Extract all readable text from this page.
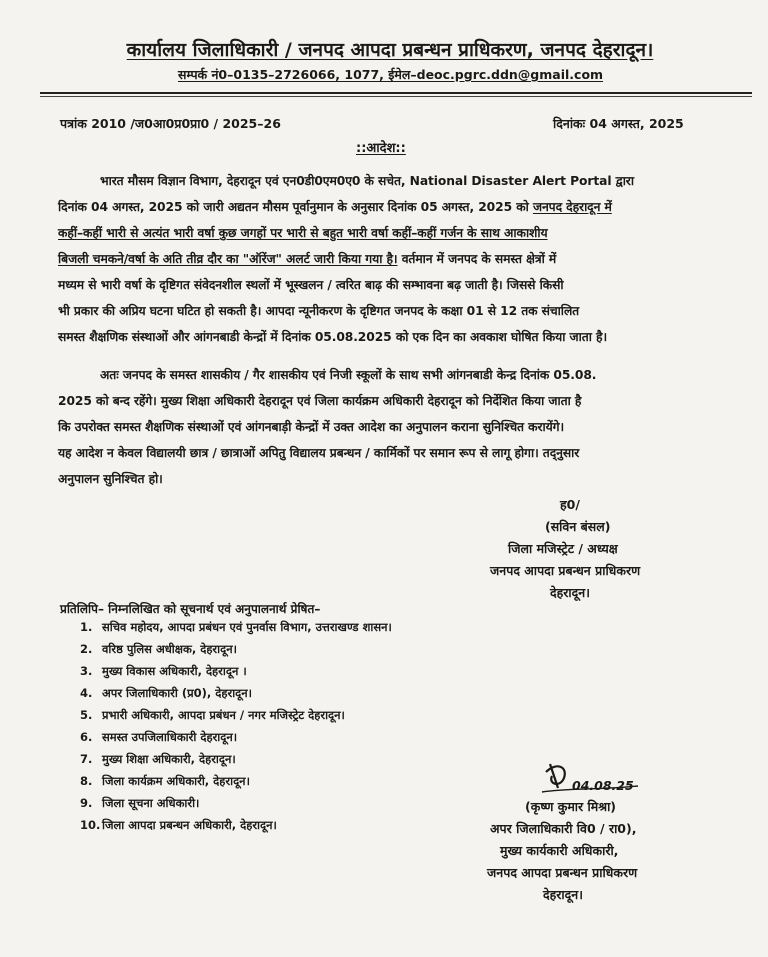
कार्यालय जिलाधिकारी / जनपद आपदा प्रबन्धन प्राधिकरण, जनपद देहरादून।
सम्पर्क नं0–0135–2726066, 1077, ईमेल–deoc.pgrc.ddn@gmail.com
पत्रांक 2010 /ज0आ0प्र0प्रा0 / 2025–26	दिनांकः 04 अगस्त, 2025
::आदेश::
भारत मौसम विज्ञान विभाग, देहरादून एवं एन0डी0एम0ए0 के सचेत, National Disaster Alert Portal द्वारा
दिनांक 04 अगस्त, 2025 को जारी अद्यतन मौसम पूर्वानुमान के अनुसार दिनांक 05 अगस्त, 2025 को जनपद देहरादून में
कहीं–कहीं भारी से अत्यंत भारी वर्षा कुछ जगहों पर भारी से बहुत भारी वर्षा कहीं–कहीं गर्जन के साथ आकाशीय
बिजली चमकने/वर्षा के अति तीव्र दौर का "ऑरेंज" अलर्ट जारी किया गया है। वर्तमान में जनपद के समस्त क्षेत्रों में
मध्यम से भारी वर्षा के दृष्टिगत संवेदनशील स्थलों में भूस्खलन / त्वरित बाढ़ की सम्भावना बढ़ जाती है। जिससे किसी
भी प्रकार की अप्रिय घटना घटित हो सकती है। आपदा न्यूनीकरण के दृष्टिगत जनपद के कक्षा 01 से 12 तक संचालित
समस्त शैक्षणिक संस्थाओं और आंगनबाडी केन्द्रों में दिनांक 05.08.2025 को एक दिन का अवकाश घोषित किया जाता है।
अतः जनपद के समस्त शासकीय / गैर शासकीय एवं निजी स्कूलों के साथ सभी आंगनबाडी केन्द्र दिनांक 05.08.
2025 को बन्द रहेंगे। मुख्य शिक्षा अधिकारी देहरादून एवं जिला कार्यक्रम अधिकारी देहरादून को निर्देशित किया जाता है
कि उपरोक्त समस्त शैक्षणिक संस्थाओं एवं आंगनबाड़ी केन्द्रों में उक्त आदेश का अनुपालन कराना सुनिश्चित करायेंगे।
यह आदेश न केवल विद्यालयी छात्र / छात्राओं अपितु विद्यालय प्रबन्धन / कार्मिकों पर समान रूप से लागू होगा। तद्नुसार
अनुपालन सुनिश्चित हो।
ह0/
(सविन बंसल)
जिला मजिस्ट्रेट / अध्यक्ष
जनपद आपदा प्रबन्धन प्राधिकरण
देहरादून।
प्रतिलिपि– निम्नलिखित को सूचनार्थ एवं अनुपालनार्थ प्रेषित–
1. सचिव महोदय, आपदा प्रबंधन एवं पुनर्वास विभाग, उत्तराखण्ड शासन।
2. वरिष्ठ पुलिस अधीक्षक, देहरादून।
3. मुख्य विकास अधिकारी, देहरादून ।
4. अपर जिलाधिकारी (प्र0), देहरादून।
5. प्रभारी अधिकारी, आपदा प्रबंधन / नगर मजिस्ट्रेट देहरादून।
6. समस्त उपजिलाधिकारी देहरादून।
7. मुख्य शिक्षा अधिकारी, देहरादून।
8. जिला कार्यक्रम अधिकारी, देहरादून।
9. जिला सूचना अधिकारी।
10. जिला आपदा प्रबन्धन अधिकारी, देहरादून।
04.08.25
(कृष्ण कुमार मिश्रा)
अपर जिलाधिकारी वि0 / रा0),
मुख्य कार्यकारी अधिकारी,
जनपद आपदा प्रबन्धन प्राधिकरण
देहरादून।
